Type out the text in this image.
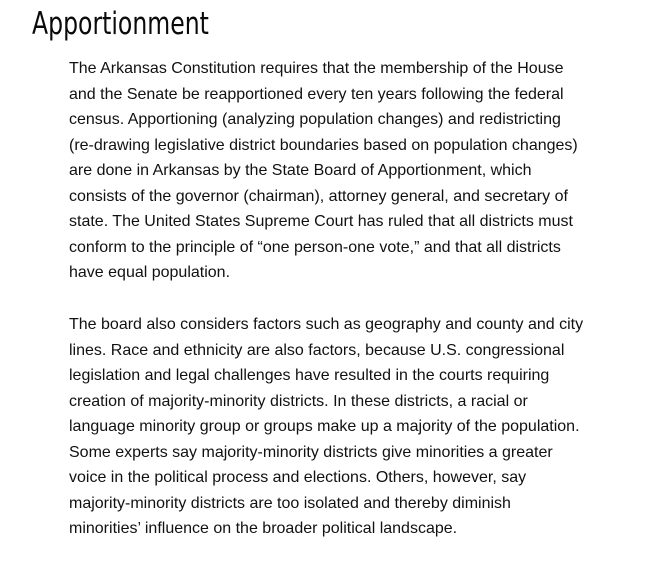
Apportionment

The Arkansas Constitution requires that the membership of the House
and the Senate be reapportioned every ten years following the federal
census. Apportioning (analyzing population changes) and redistricting
(re-drawing legislative district boundaries based on population changes)
are done in Arkansas by the State Board of Apportionment, which
consists of the governor (chairman), attorney general, and secretary of
state. The United States Supreme Court has ruled that all districts must
conform to the principle of “one person-one vote,” and that all districts
have equal population.

The board also considers factors such as geography and county and city
lines. Race and ethnicity are also factors, because U.S. congressional
legislation and legal challenges have resulted in the courts requiring
creation of majority-minority districts. In these districts, a racial or
language minority group or groups make up a majority of the population.
Some experts say majority-minority districts give minorities a greater
voice in the political process and elections. Others, however, say
majority-minority districts are too isolated and thereby diminish
minorities’ influence on the broader political landscape.
